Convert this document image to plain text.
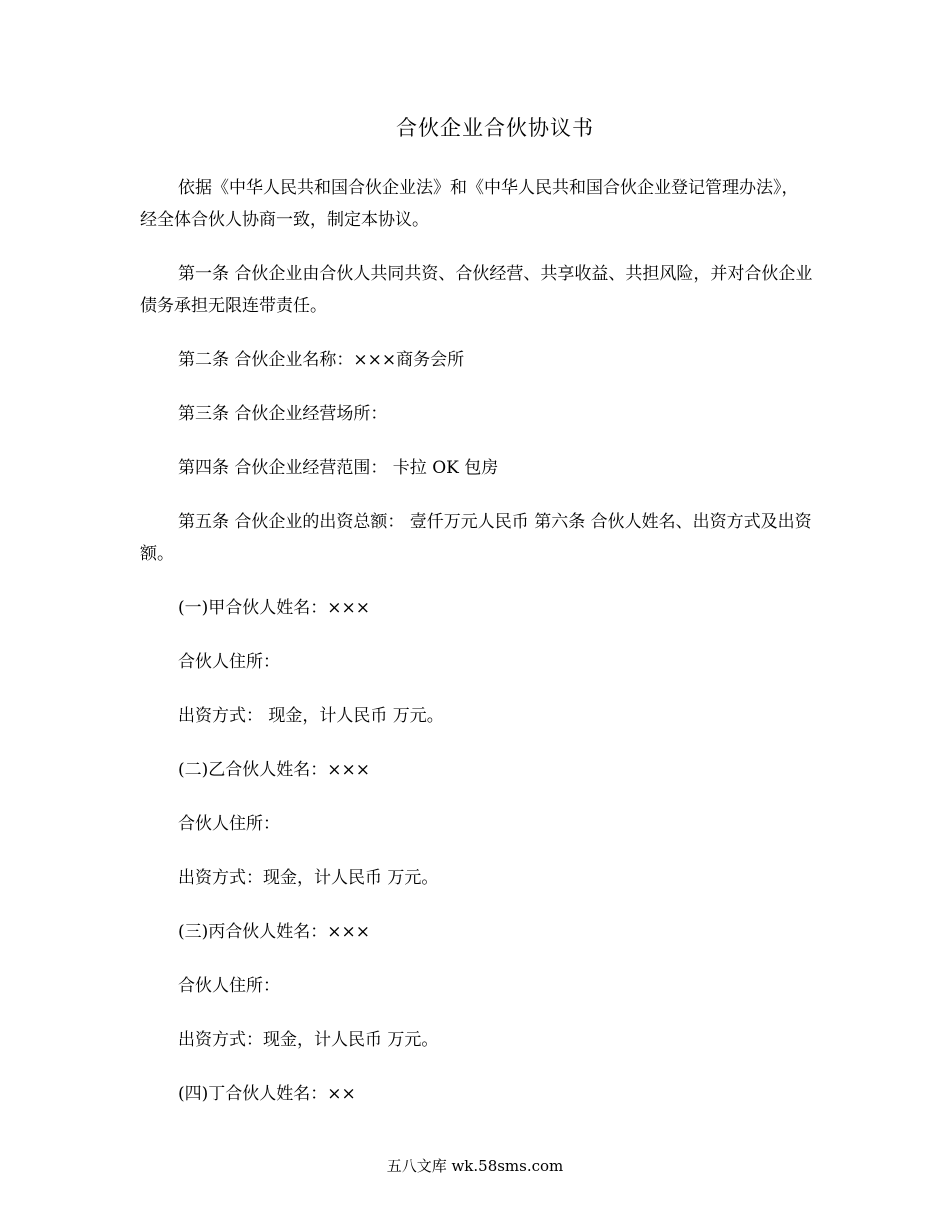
合伙企业合伙协议书

依据《中华人民共和国合伙企业法》和《中华人民共和国合伙企业登记管理办法》，经全体合伙人协商一致，制定本协议。

第一条 合伙企业由合伙人共同共资、合伙经营、共享收益、共担风险，并对合伙企业债务承担无限连带责任。

第二条 合伙企业名称：×××商务会所

第三条 合伙企业经营场所：

第四条 合伙企业经营范围： 卡拉 OK 包房

第五条 合伙企业的出资总额： 壹仟万元人民币 第六条 合伙人姓名、出资方式及出资额。

(一)甲合伙人姓名：×××

合伙人住所：

出资方式： 现金，计人民币 万元。

(二)乙合伙人姓名：×××

合伙人住所：

出资方式：现金，计人民币 万元。

(三)丙合伙人姓名：×××

合伙人住所：

出资方式：现金，计人民币 万元。

(四)丁合伙人姓名：××

五八文库 wk.58sms.com
